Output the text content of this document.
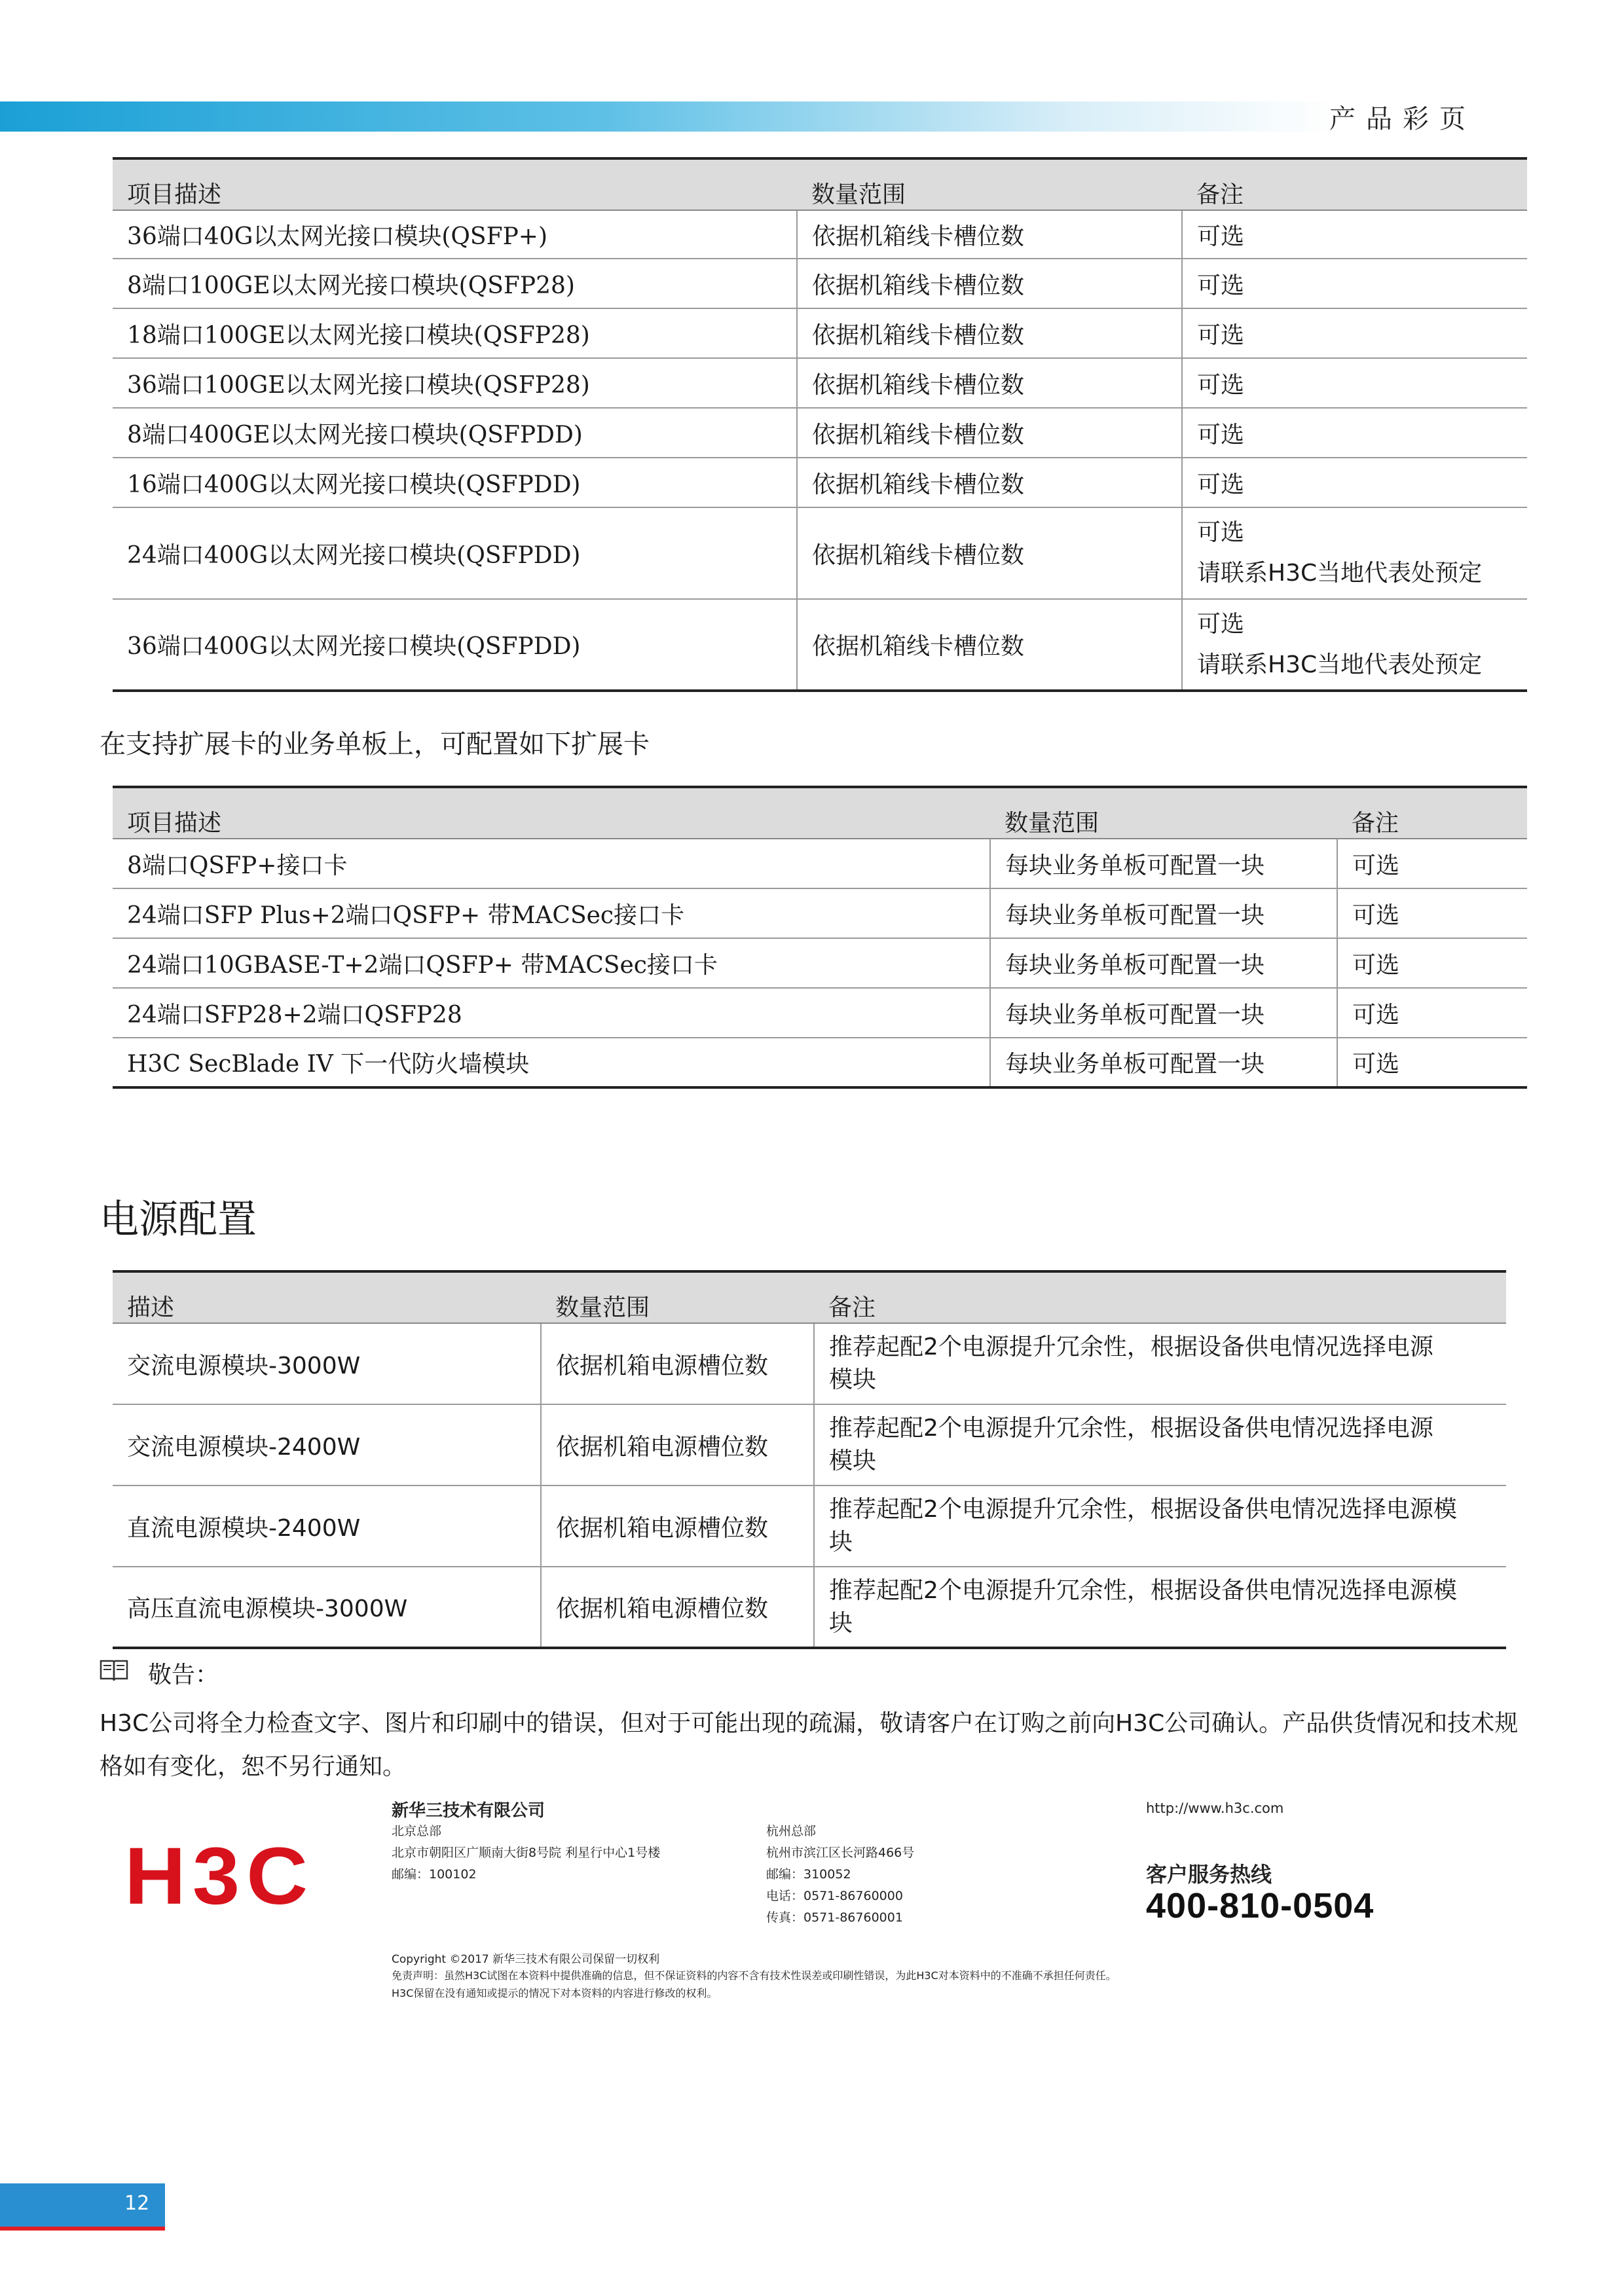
产品彩页
项目描述	数量范围	备注
36端口40G以太网光接口模块(QSFP+)	依据机箱线卡槽位数	可选
8端口100GE以太网光接口模块(QSFP28)	依据机箱线卡槽位数	可选
18端口100GE以太网光接口模块(QSFP28)	依据机箱线卡槽位数	可选
36端口100GE以太网光接口模块(QSFP28)	依据机箱线卡槽位数	可选
8端口400GE以太网光接口模块(QSFPDD)	依据机箱线卡槽位数	可选
16端口400G以太网光接口模块(QSFPDD)	依据机箱线卡槽位数	可选
24端口400G以太网光接口模块(QSFPDD)	依据机箱线卡槽位数	可选
请联系H3C当地代表处预定

36端口400G以太网光接口模块(QSFPDD)	依据机箱线卡槽位数	可选
请联系H3C当地代表处预定
在支持扩展卡的业务单板上，可配置如下扩展卡
项目描述	数量范围	备注
8端口QSFP+接口卡	每块业务单板可配置一块	可选
24端口SFP Plus+2端口QSFP+ 带MACSec接口卡	每块业务单板可配置一块	可选
24端口10GBASE-T+2端口QSFP+ 带MACSec接口卡	每块业务单板可配置一块	可选
24端口SFP28+2端口QSFP28	每块业务单板可配置一块	可选
H3C SecBlade IV 下一代防火墙模块	每块业务单板可配置一块	可选
电源配置
描述	数量范围	备注
交流电源模块-3000W	依据机箱电源槽位数	推荐起配2个电源提升冗余性，根据设备供电情况选择电源
模块

交流电源模块-2400W	依据机箱电源槽位数	推荐起配2个电源提升冗余性，根据设备供电情况选择电源
模块

直流电源模块-2400W	依据机箱电源槽位数	推荐起配2个电源提升冗余性，根据设备供电情况选择电源模
块

高压直流电源模块-3000W	依据机箱电源槽位数	推荐起配2个电源提升冗余性，根据设备供电情况选择电源模
块
敬告：
H3C公司将全力检查文字、图片和印刷中的错误，但对于可能出现的疏漏，敬请客户在订购之前向H3C公司确认。产品供货情况和技术规格如有变化，恕不另行通知。
H3C
新华三技术有限公司
北京总部
北京市朝阳区广顺南大街8号院 利星行中心1号楼
邮编：100102
杭州总部
杭州市滨江区长河路466号
邮编：310052
电话：0571-86760000
传真：0571-86760001
http://www.h3c.com
客户服务热线
400-810-0504
Copyright ©2017 新华三技术有限公司保留一切权利
免责声明：虽然H3C试图在本资料中提供准确的信息，但不保证资料的内容不含有技术性误差或印刷性错误，为此H3C对本资料中的不准确不承担任何责任。
H3C保留在没有通知或提示的情况下对本资料的内容进行修改的权利。
12
